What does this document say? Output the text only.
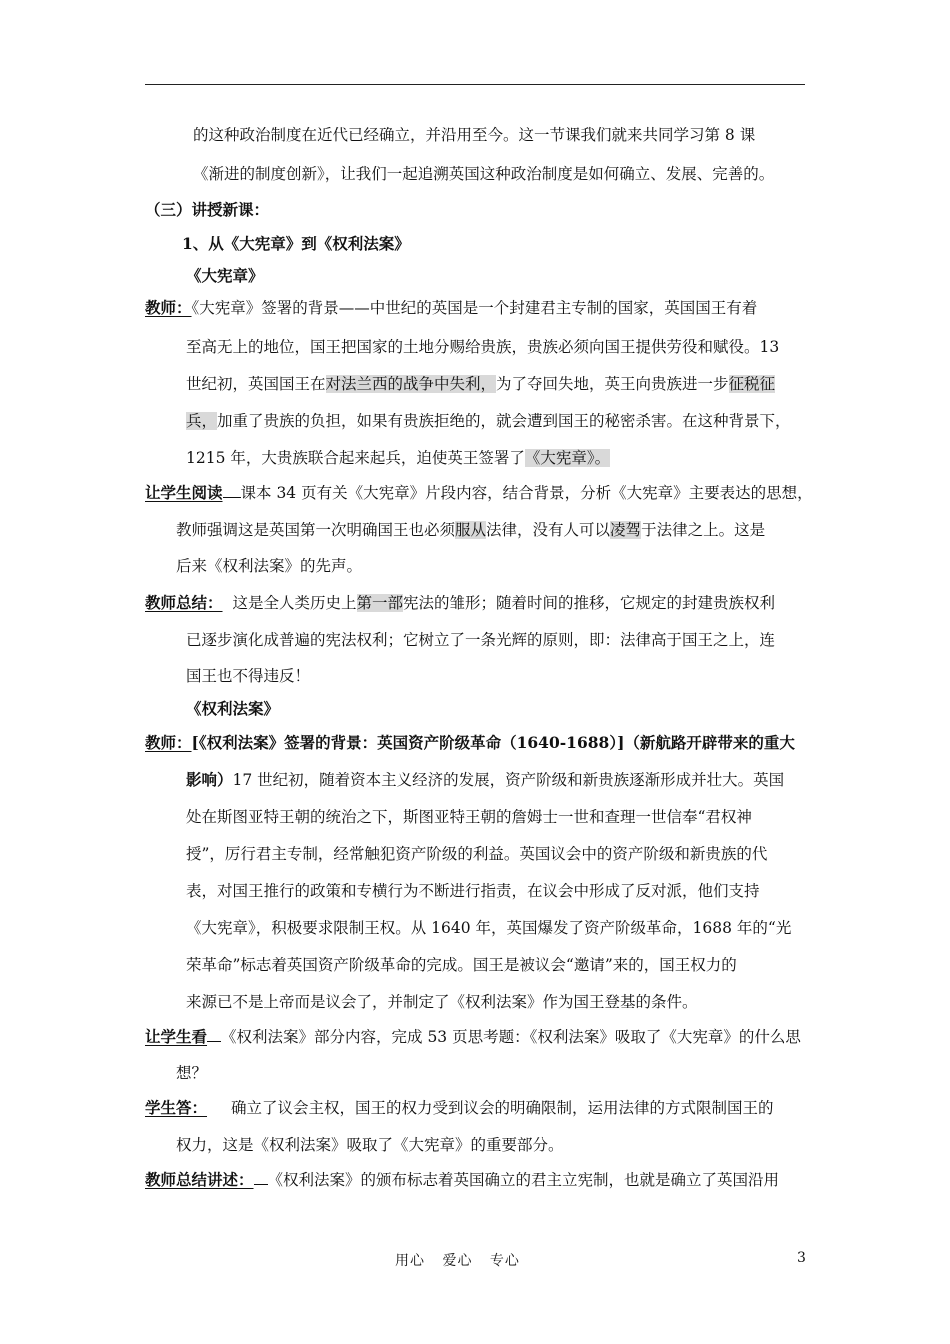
的这种政治制度在近代已经确立，并沿用至今。这一节课我们就来共同学习第 8 课
《渐进的制度创新》，让我们一起追溯英国这种政治制度是如何确立、发展、完善的。
（三）讲授新课：
1、从《大宪章》到《权利法案》
《大宪章》
教师：《大宪章》签署的背景——中世纪的英国是一个封建君主专制的国家，英国国王有着
至高无上的地位，国王把国家的土地分赐给贵族，贵族必须向国王提供劳役和赋役。13
世纪初，英国国王在对法兰西的战争中失利，为了夺回失地，英王向贵族进一步征税征
兵，加重了贵族的负担，如果有贵族拒绝的，就会遭到国王的秘密杀害。在这种背景下，
1215 年，大贵族联合起来起兵，迫使英王签署了《大宪章》。
让学生阅读 课本 34 页有关《大宪章》片段内容，结合背景，分析《大宪章》主要表达的思想，
教师强调这是英国第一次明确国王也必须服从法律，没有人可以凌驾于法律之上。这是
后来《权利法案》的先声。
教师总结： 这是全人类历史上第一部宪法的雏形；随着时间的推移，它规定的封建贵族权利
已逐步演化成普遍的宪法权利；它树立了一条光辉的原则，即：法律高于国王之上，连
国王也不得违反！
《权利法案》
教师：[《权利法案》签署的背景：英国资产阶级革命（1640-1688）]（新航路开辟带来的重大
影响）17 世纪初，随着资本主义经济的发展，资产阶级和新贵族逐渐形成并壮大。英国
处在斯图亚特王朝的统治之下，斯图亚特王朝的詹姆士一世和查理一世信奉“君权神
授”，厉行君主专制，经常触犯资产阶级的利益。英国议会中的资产阶级和新贵族的代
表，对国王推行的政策和专横行为不断进行指责，在议会中形成了反对派，他们支持
《大宪章》，积极要求限制王权。从 1640 年，英国爆发了资产阶级革命，1688 年的“光
荣革命”标志着英国资产阶级革命的完成。国王是被议会“邀请”来的，国王权力的
来源已不是上帝而是议会了，并制定了《权利法案》作为国王登基的条件。
让学生看 《权利法案》部分内容，完成 53 页思考题：《权利法案》吸取了《大宪章》的什么思
想？
学生答： 确立了议会主权，国王的权力受到议会的明确限制，运用法律的方式限制国王的
权力，这是《权利法案》吸取了《大宪章》的重要部分。
教师总结讲述： 《权利法案》的颁布标志着英国确立的君主立宪制，也就是确立了英国沿用
用心 爱心 专心	3
